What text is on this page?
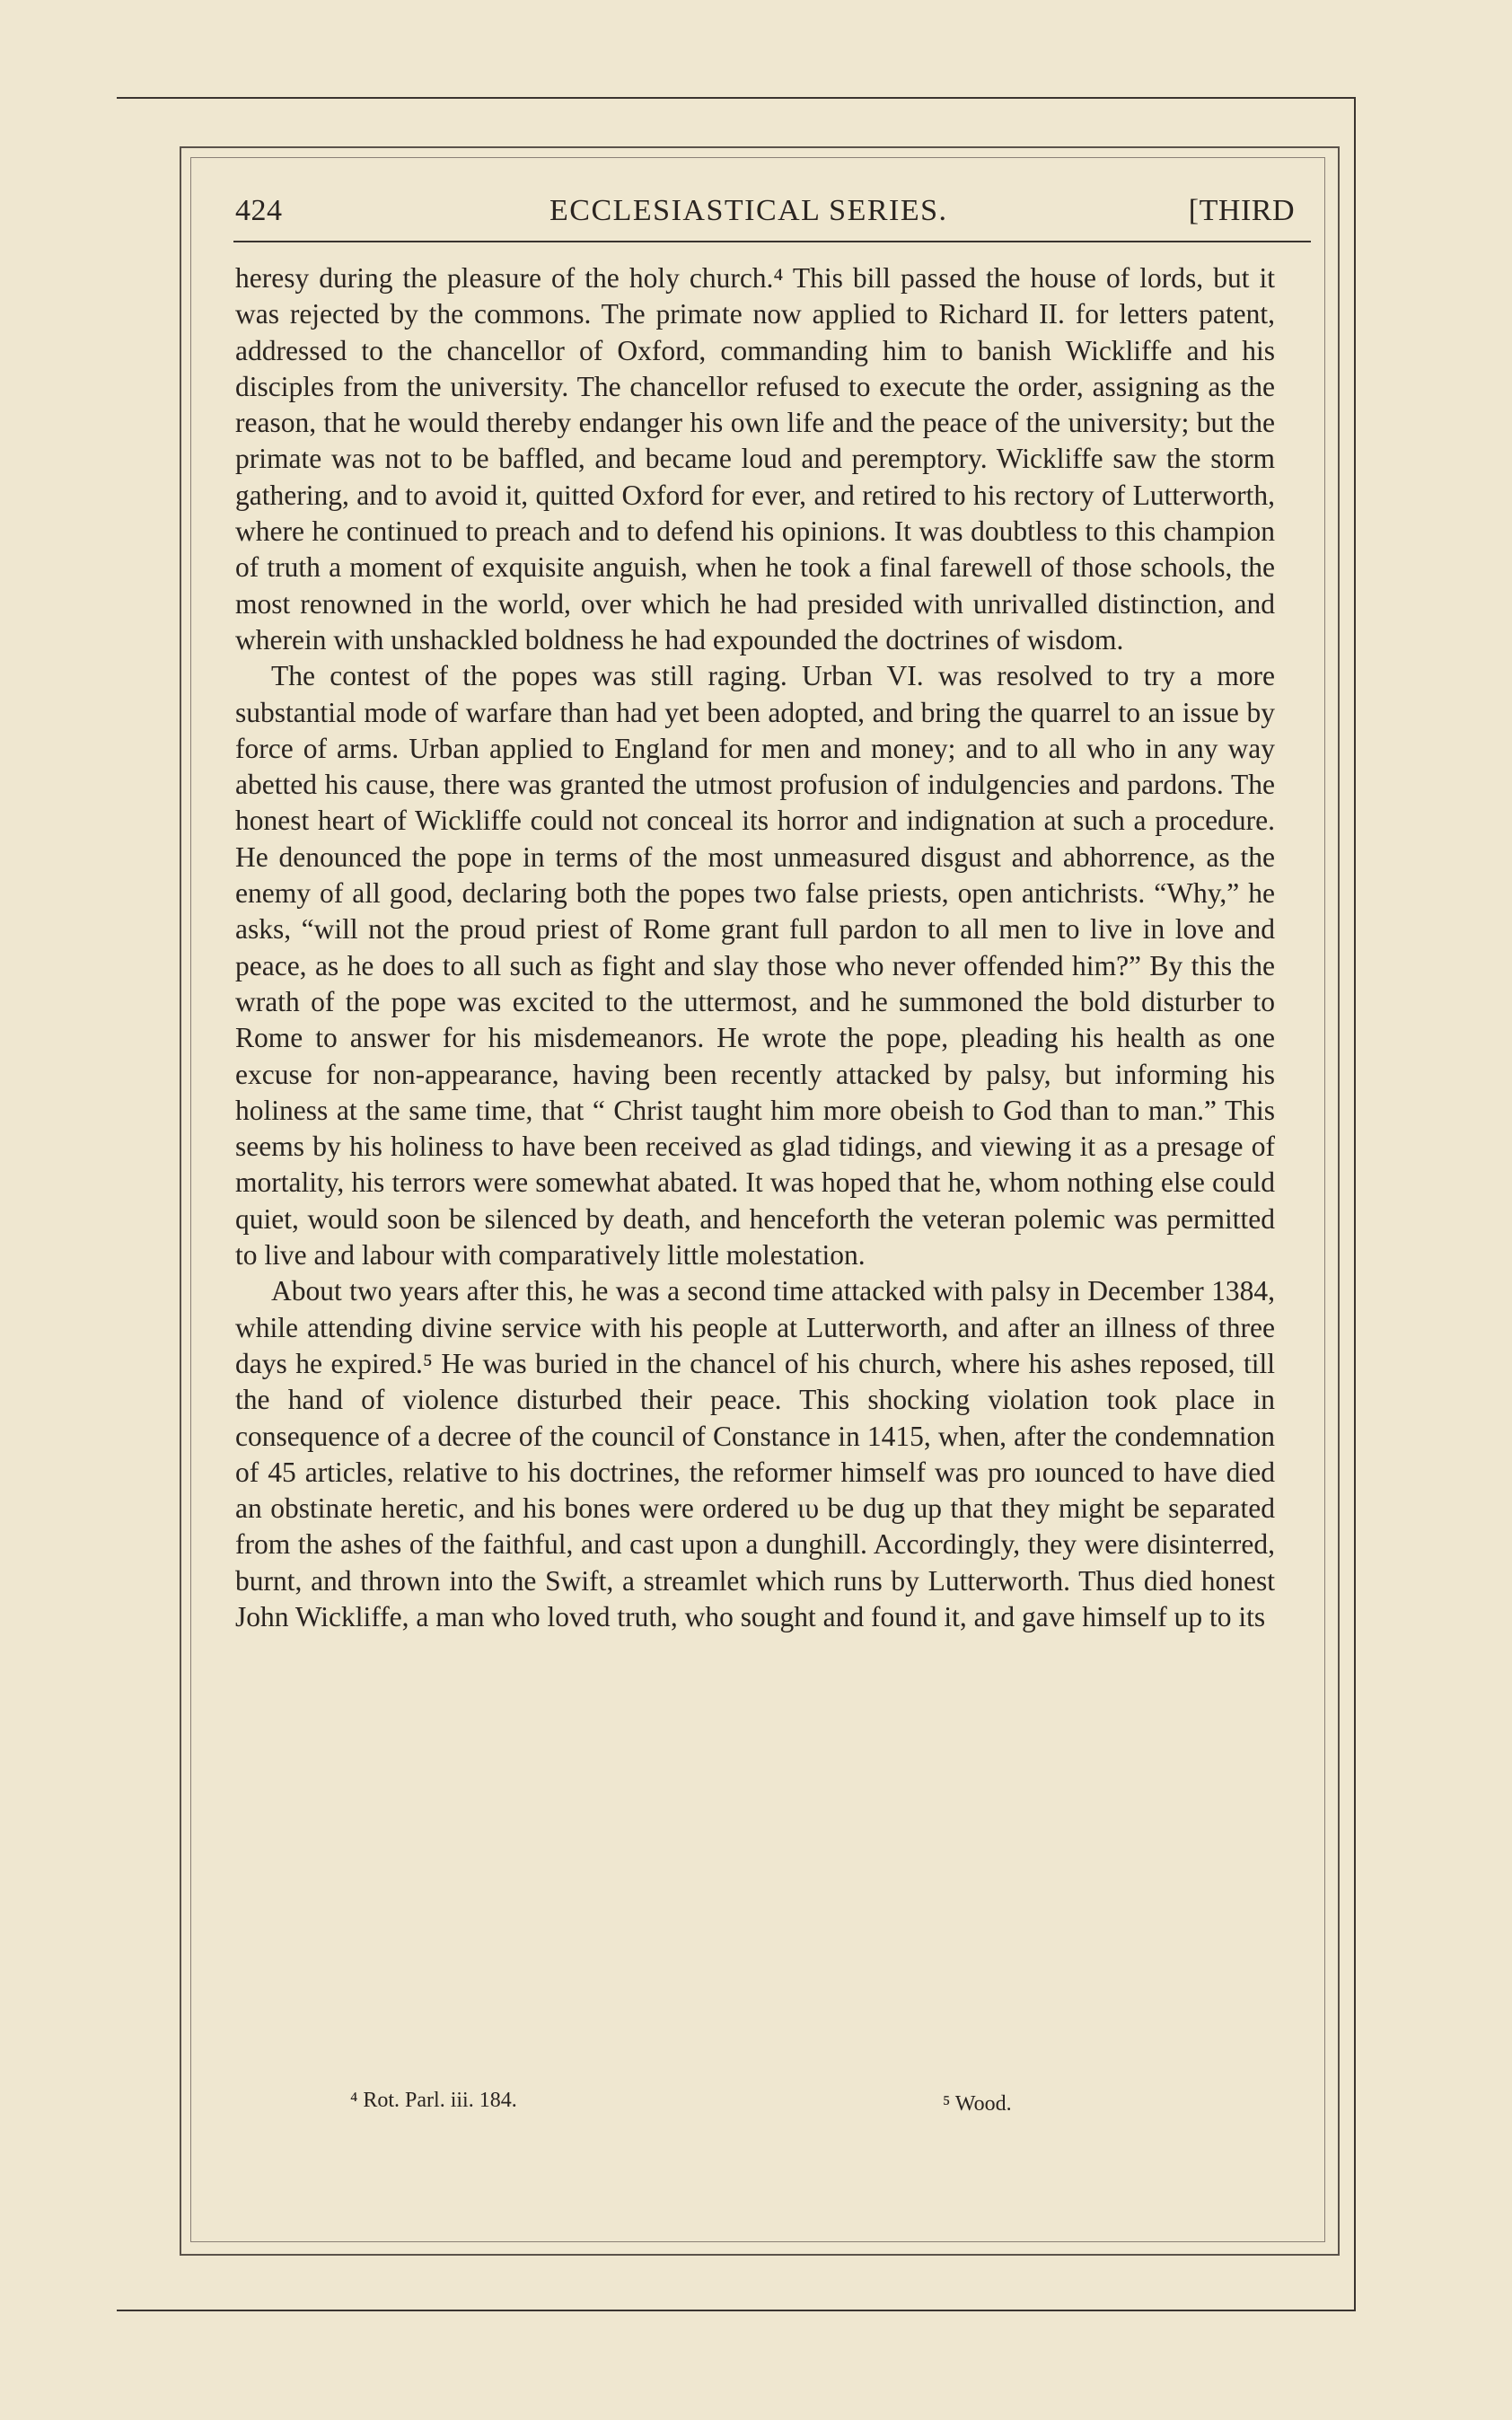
424	ECCLESIASTICAL SERIES.	[THIRD

heresy during the pleasure of the holy church.⁴ This bill passed the house of lords, but it was rejected by the commons. The primate now applied to Richard II. for letters patent, addressed to the chancellor of Oxford, commanding him to banish Wickliffe and his disciples from the university. The chancellor refused to execute the order, assigning as the reason, that he would thereby endanger his own life and the peace of the university; but the primate was not to be baffled, and became loud and peremptory. Wickliffe saw the storm gathering, and to avoid it, quitted Oxford for ever, and retired to his rectory of Lutterworth, where he continued to preach and to defend his opinions. It was doubtless to this champion of truth a moment of exquisite anguish, when he took a final farewell of those schools, the most renowned in the world, over which he had presided with unrivalled distinction, and wherein with unshackled boldness he had expounded the doctrines of wisdom.

The contest of the popes was still raging. Urban VI. was resolved to try a more substantial mode of warfare than had yet been adopted, and bring the quarrel to an issue by force of arms. Urban applied to England for men and money; and to all who in any way abetted his cause, there was granted the utmost profusion of indulgencies and pardons. The honest heart of Wickliffe could not conceal its horror and indignation at such a procedure. He denounced the pope in terms of the most unmeasured disgust and abhorrence, as the enemy of all good, declaring both the popes two false priests, open antichrists. “Why,” he asks, “will not the proud priest of Rome grant full pardon to all men to live in love and peace, as he does to all such as fight and slay those who never offended him?” By this the wrath of the pope was excited to the uttermost, and he summoned the bold disturber to Rome to answer for his misdemeanors. He wrote the pope, pleading his health as one excuse for non-appearance, having been recently attacked by palsy, but informing his holiness at the same time, that “ Christ taught him more obeish to God than to man.” This seems by his holiness to have been received as glad tidings, and viewing it as a presage of mortality, his terrors were somewhat abated. It was hoped that he, whom nothing else could quiet, would soon be silenced by death, and henceforth the veteran polemic was permitted to live and labour with comparatively little molestation.

About two years after this, he was a second time attacked with palsy in December 1384, while attending divine service with his people at Lutterworth, and after an illness of three days he expired.⁵ He was buried in the chancel of his church, where his ashes reposed, till the hand of violence disturbed their peace. This shocking violation took place in consequence of a decree of the council of Constance in 1415, when, after the condemnation of 45 articles, relative to his doctrines, the reformer himself was pro ıounced to have died an obstinate heretic, and his bones were ordered ιυ be dug up that they might be separated from the ashes of the faithful, and cast upon a dunghill. Accordingly, they were disinterred, burnt, and thrown into the Swift, a streamlet which runs by Lutterworth. Thus died honest John Wickliffe, a man who loved truth, who sought and found it, and gave himself up to its

⁴ Rot. Parl. iii. 184.	⁵ Wood.
